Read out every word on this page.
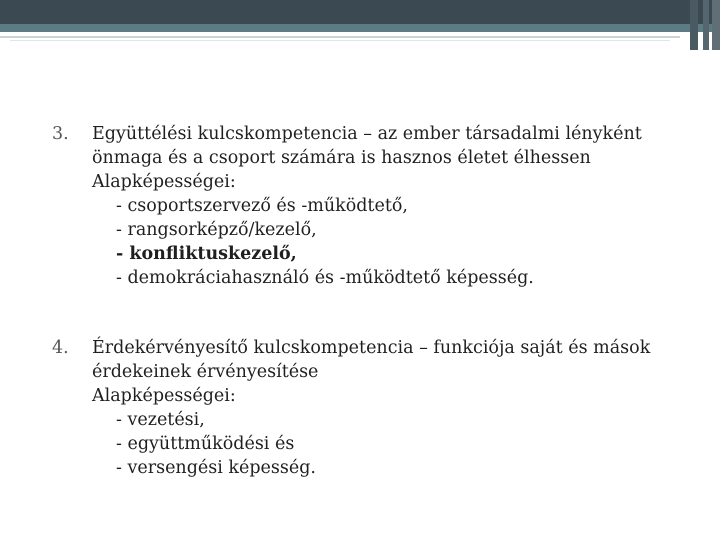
3.	Együttélési kulcskompetencia – az ember társadalmi lényként
önmaga és a csoport számára is hasznos életet élhessen
Alapképességei:
- csoportszervező és -működtető,
- rangsorképző/kezelő,
- konfliktuskezelő,
- demokráciahasználó és -működtető képesség.
4.	Érdekérvényesítő kulcskompetencia – funkciója saját és mások
érdekeinek érvényesítése
Alapképességei:
- vezetési,
- együttműködési és
- versengési képesség.
